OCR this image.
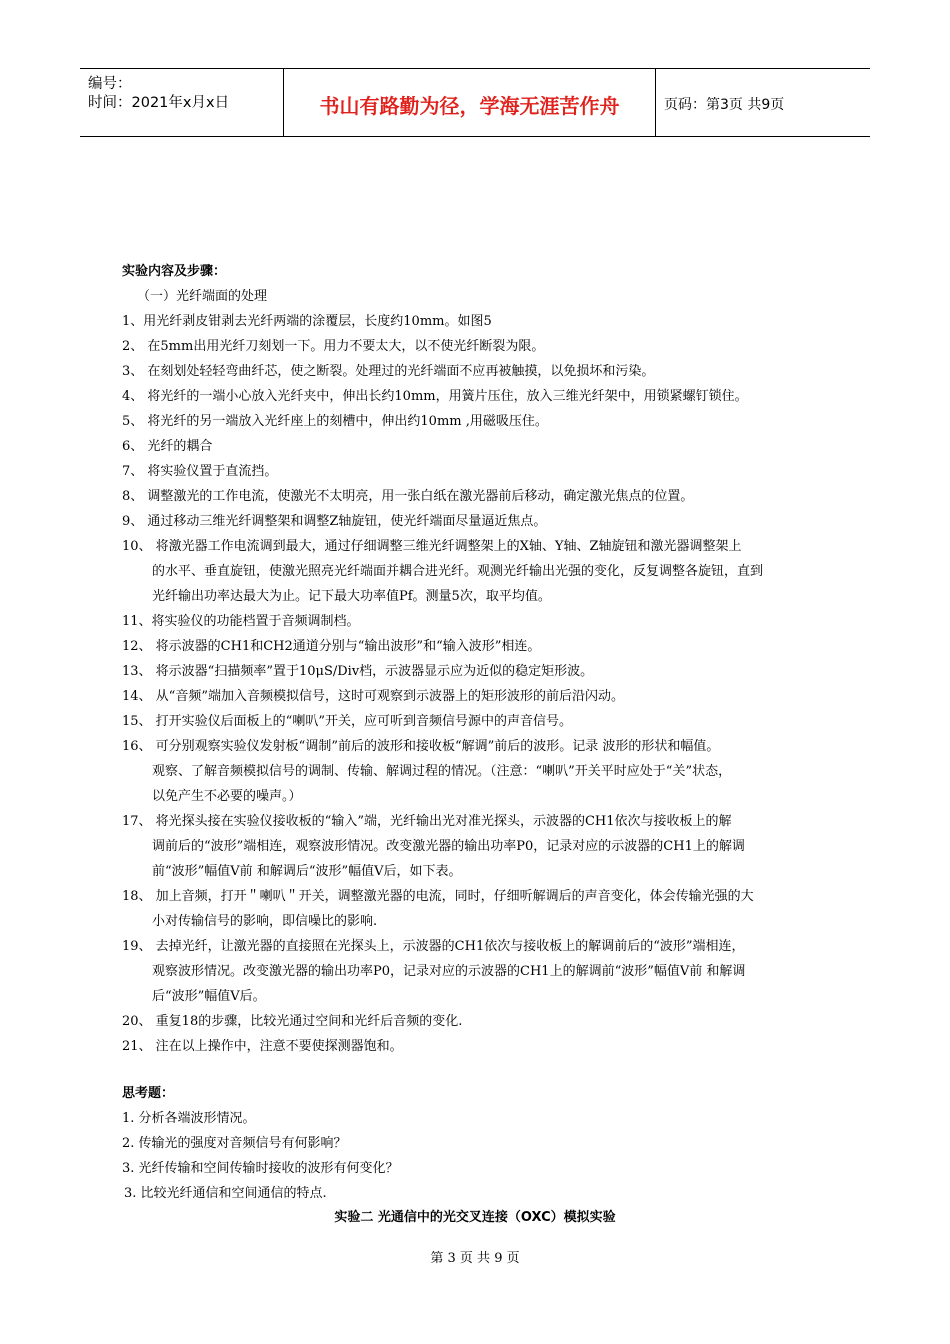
编号：
时间：2021年x月x日	书山有路勤为径，学海无涯苦作舟	页码：第3页 共9页
实验内容及步骤：
（一）光纤端面的处理
1、用光纤剥皮钳剥去光纤两端的涂覆层，长度约10mm。如图5
2、 在5mm出用光纤刀刻划一下。用力不要太大，以不使光纤断裂为限。
3、 在刻划处轻轻弯曲纤芯，使之断裂。处理过的光纤端面不应再被触摸，以免损坏和污染。
4、 将光纤的一端小心放入光纤夹中，伸出长约10mm，用簧片压住，放入三维光纤架中，用锁紧螺钉锁住。
5、 将光纤的另一端放入光纤座上的刻槽中，伸出约10mm ,用磁吸压住。
6、 光纤的耦合
7、 将实验仪置于直流挡。
8、 调整激光的工作电流，使激光不太明亮，用一张白纸在激光器前后移动，确定激光焦点的位置。
9、 通过移动三维光纤调整架和调整Z轴旋钮，使光纤端面尽量逼近焦点。
10、 将激光器工作电流调到最大，通过仔细调整三维光纤调整架上的X轴、Y轴、Z轴旋钮和激光器调整架上
的水平、垂直旋钮，使激光照亮光纤端面并耦合进光纤。观测光纤输出光强的变化，反复调整各旋钮，直到
光纤输出功率达最大为止。记下最大功率值Pf。测量5次，取平均值。
11、将实验仪的功能档置于音频调制档。
12、 将示波器的CH1和CH2通道分别与“输出波形”和“输入波形”相连。
13、 将示波器“扫描频率”置于10μS/Div档，示波器显示应为近似的稳定矩形波。
14、 从“音频”端加入音频模拟信号，这时可观察到示波器上的矩形波形的前后沿闪动。
15、 打开实验仪后面板上的“喇叭”开关，应可听到音频信号源中的声音信号。
16、 可分别观察实验仪发射板“调制”前后的波形和接收板“解调”前后的波形。记录 波形的形状和幅值。
观察、了解音频模拟信号的调制、传输、解调过程的情况。（注意：“喇叭”开关平时应处于“关”状态，
以免产生不必要的噪声。）
17、 将光探头接在实验仪接收板的“输入”端，光纤输出光对准光探头，示波器的CH1依次与接收板上的解
调前后的“波形”端相连，观察波形情况。改变激光器的输出功率P0，记录对应的示波器的CH1上的解调
前“波形”幅值V前 和解调后“波形”幅值V后，如下表。
18、 加上音频，打开＂喇叭＂开关，调整激光器的电流，同时，仔细听解调后的声音变化，体会传输光强的大
小对传输信号的影响，即信噪比的影响.
19、 去掉光纤，让激光器的直接照在光探头上，示波器的CH1依次与接收板上的解调前后的“波形”端相连，
观察波形情况。改变激光器的输出功率P0，记录对应的示波器的CH1上的解调前“波形”幅值V前 和解调
后“波形”幅值V后。
20、 重复18的步骤，比较光通过空间和光纤后音频的变化.
21、 注在以上操作中，注意不要使探测器饱和。
思考题：
1. 分析各端波形情况。
2. 传输光的强度对音频信号有何影响？
3. 光纤传输和空间传输时接收的波形有何变化？
3. 比较光纤通信和空间通信的特点.
实验二 光通信中的光交叉连接（OXC）模拟实验
第 3 页 共 9 页
